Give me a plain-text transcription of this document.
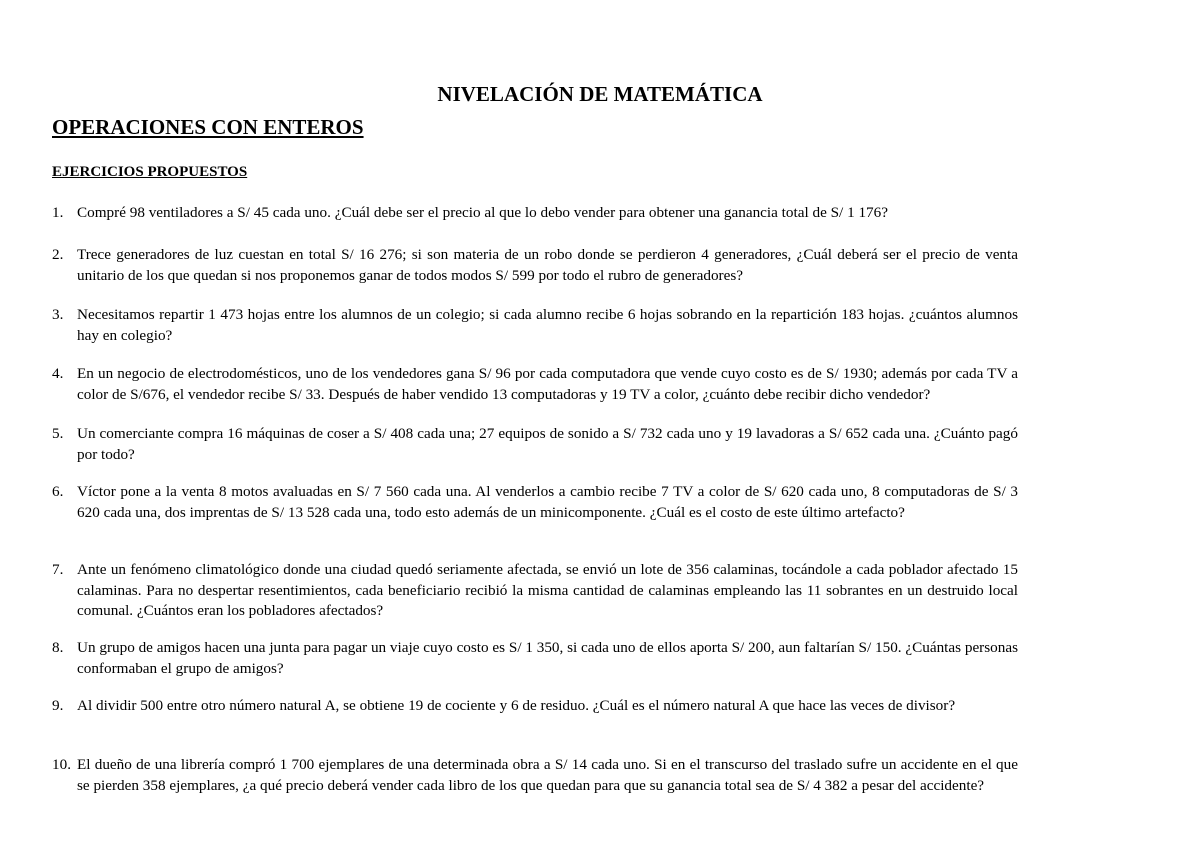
NIVELACIÓN DE MATEMÁTICA
OPERACIONES CON ENTEROS
EJERCICIOS PROPUESTOS
1. Compré 98 ventiladores a S/ 45 cada uno. ¿Cuál debe ser el precio al que lo debo vender para obtener una ganancia total de S/ 1 176?
2. Trece generadores de luz cuestan en total S/ 16 276; si son materia de un robo donde se perdieron 4 generadores, ¿Cuál deberá ser el precio de venta unitario de los que quedan si nos proponemos ganar de todos modos S/ 599 por todo el rubro de generadores?
3. Necesitamos repartir 1 473 hojas entre los alumnos de un colegio; si cada alumno recibe 6 hojas sobrando en la repartición 183 hojas. ¿cuántos alumnos hay en colegio?
4. En un negocio de electrodomésticos, uno de los vendedores gana S/ 96 por cada computadora que vende cuyo costo es de S/ 1930; además por cada TV a color de S/676, el vendedor recibe S/ 33. Después de haber vendido 13 computadoras y 19 TV a color, ¿cuánto debe recibir dicho vendedor?
5. Un comerciante compra 16 máquinas de coser a S/ 408 cada una; 27 equipos de sonido a S/ 732 cada uno y 19 lavadoras a S/ 652 cada una. ¿Cuánto pagó por todo?
6. Víctor pone a la venta 8 motos avaluadas en S/ 7 560 cada una. Al venderlos a cambio recibe 7 TV a color de S/ 620 cada uno, 8 computadoras de S/ 3 620 cada una, dos imprentas de S/ 13 528 cada una, todo esto además de un minicomponente. ¿Cuál es el costo de este último artefacto?
7. Ante un fenómeno climatológico donde una ciudad quedó seriamente afectada, se envió un lote de 356 calaminas, tocándole a cada poblador afectado 15 calaminas. Para no despertar resentimientos, cada beneficiario recibió la misma cantidad de calaminas empleando las 11 sobrantes en un destruido local comunal. ¿Cuántos eran los pobladores afectados?
8. Un grupo de amigos hacen una junta para pagar un viaje cuyo costo es S/ 1 350, si cada uno de ellos aporta S/ 200, aun faltarían S/ 150. ¿Cuántas personas conformaban el grupo de amigos?
9. Al dividir 500 entre otro número natural A, se obtiene 19 de cociente y 6 de residuo. ¿Cuál es el número natural A que hace las veces de divisor?
10. El dueño de una librería compró 1 700 ejemplares de una determinada obra a S/ 14 cada uno. Si en el transcurso del traslado sufre un accidente en el que se pierden 358 ejemplares, ¿a qué precio deberá vender cada libro de los que quedan para que su ganancia total sea de S/ 4 382 a pesar del accidente?
